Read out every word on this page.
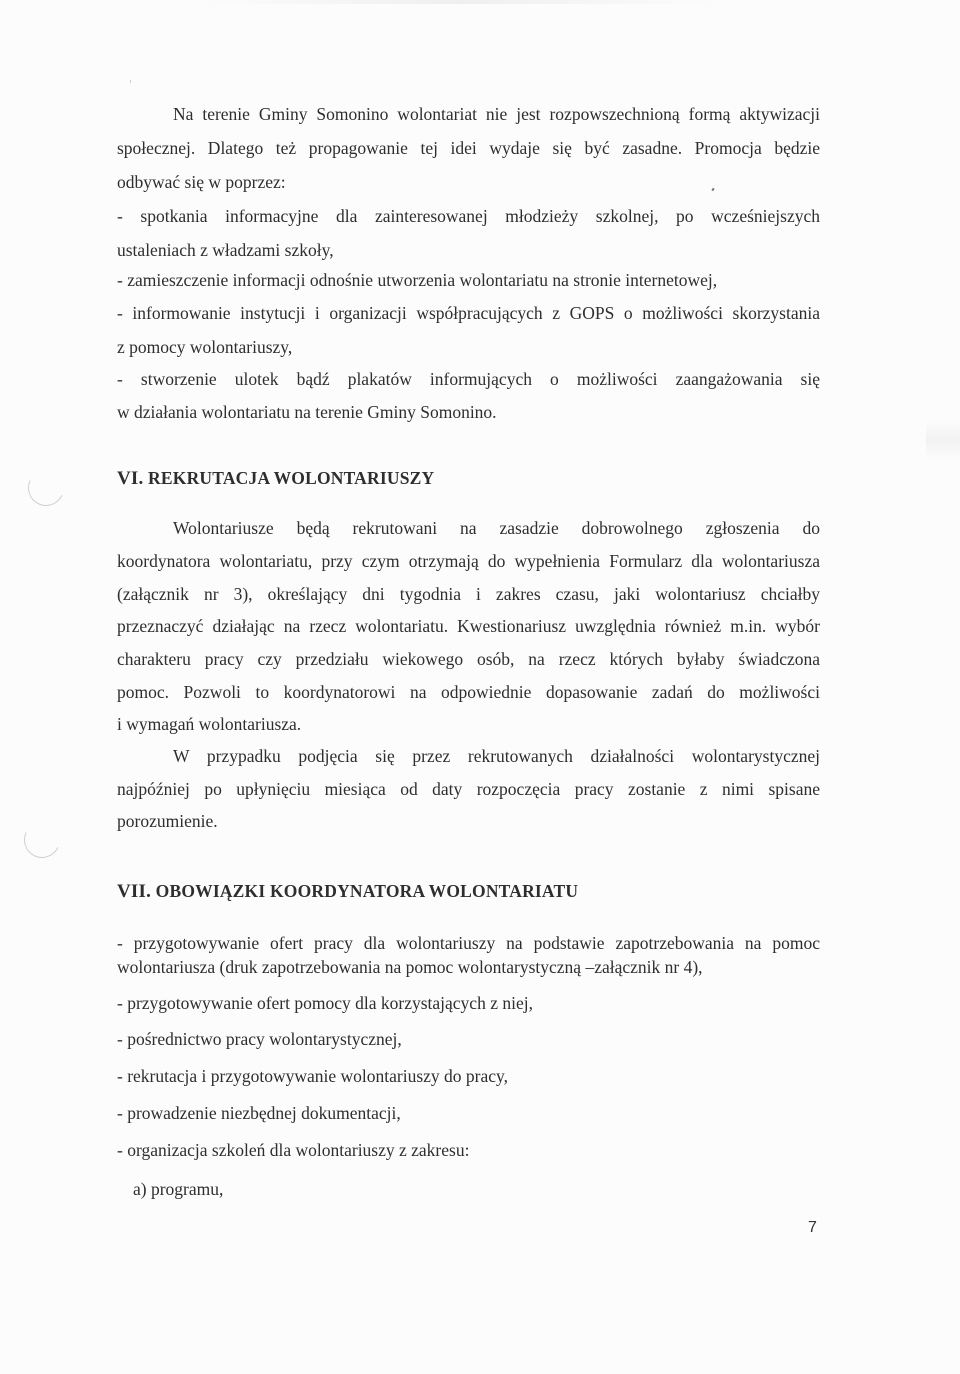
Na terenie Gminy Somonino wolontariat nie jest rozpowszechnioną formą aktywizacji
społecznej. Dlatego też propagowanie tej idei wydaje się być zasadne. Promocja będzie
odbywać się w poprzez:
- spotkania informacyjne dla zainteresowanej młodzieży szkolnej, po wcześniejszych
ustaleniach z władzami szkoły,
- zamieszczenie informacji odnośnie utworzenia wolontariatu na stronie internetowej,
- informowanie instytucji i organizacji współpracujących z GOPS o możliwości skorzystania
z pomocy wolontariuszy,
- stworzenie ulotek bądź plakatów informujących o możliwości zaangażowania się
w działania wolontariatu na terenie Gminy Somonino.
VI. REKRUTACJA WOLONTARIUSZY
Wolontariusze będą rekrutowani na zasadzie dobrowolnego zgłoszenia do
koordynatora wolontariatu, przy czym otrzymają do wypełnienia Formularz dla wolontariusza
(załącznik nr 3), określający dni tygodnia i zakres czasu, jaki wolontariusz chciałby
przeznaczyć działając na rzecz wolontariatu. Kwestionariusz uwzględnia również m.in. wybór
charakteru pracy czy przedziału wiekowego osób, na rzecz których byłaby świadczona
pomoc. Pozwoli to koordynatorowi na odpowiednie dopasowanie zadań do możliwości
i wymagań wolontariusza.
W przypadku podjęcia się przez rekrutowanych działalności wolontarystycznej
najpóźniej po upłynięciu miesiąca od daty rozpoczęcia pracy zostanie z nimi spisane
porozumienie.
VII. OBOWIĄZKI KOORDYNATORA WOLONTARIATU
- przygotowywanie ofert pracy dla wolontariuszy na podstawie zapotrzebowania na pomoc
wolontariusza (druk zapotrzebowania na pomoc wolontarystyczną –załącznik nr 4),
- przygotowywanie ofert pomocy dla korzystających z niej,
- pośrednictwo pracy wolontarystycznej,
- rekrutacja i przygotowywanie wolontariuszy do pracy,
- prowadzenie niezbędnej dokumentacji,
- organizacja szkoleń dla wolontariuszy z zakresu:
a) programu,
7
